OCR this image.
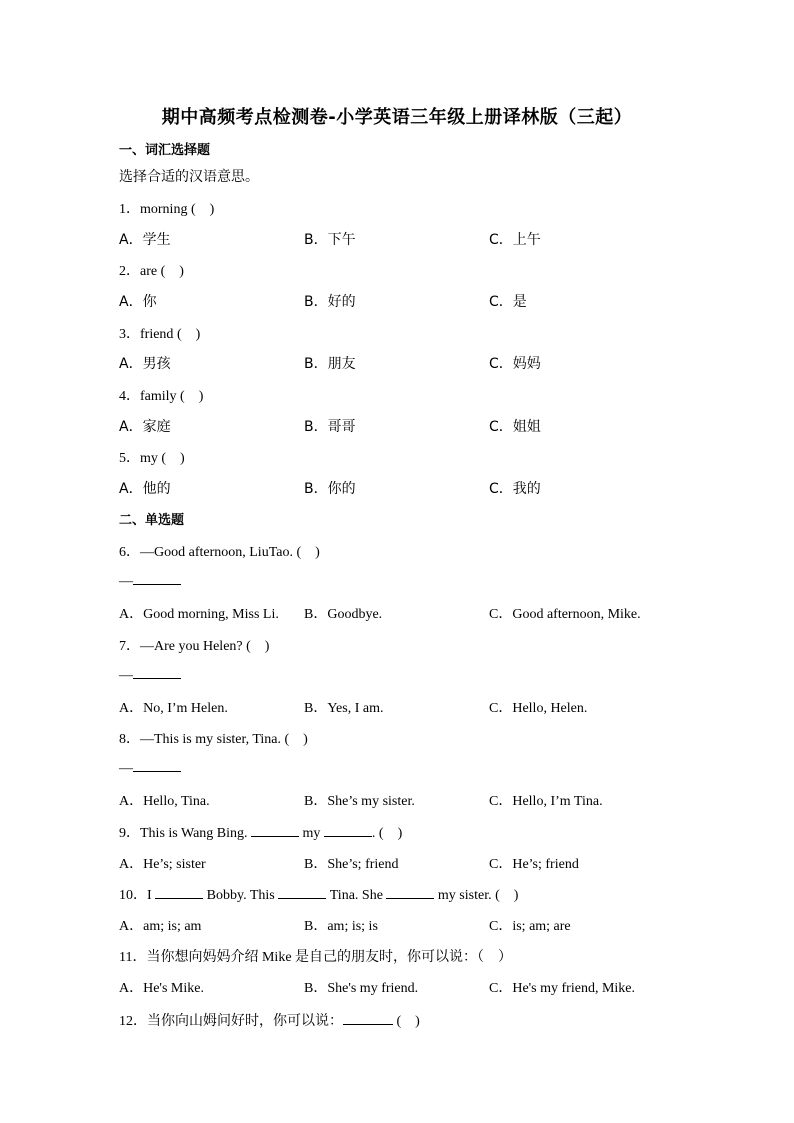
期中高频考点检测卷-小学英语三年级上册译林版（三起）
一、词汇选择题
选择合适的汉语意思。
1．morning (　)
A．学生	B．下午	C．上午
2．are (　)
A．你	B．好的	C．是
3．friend (　)
A．男孩	B．朋友	C．妈妈
4．family (　)
A．家庭	B．哥哥	C．姐姐
5．my (　)
A．他的	B．你的	C．我的
二、单选题
6．—Good afternoon, LiuTao. (　)
—
A．Good morning, Miss Li. B．Goodbye.	C．Good afternoon, Mike.
7．—Are you Helen? (　)
—
A．No, I’m Helen.	B．Yes, I am.	C．Hello, Helen.
8．—This is my sister, Tina. (　)
—
A．Hello, Tina.	B．She’s my sister.	C．Hello, I’m Tina.
9．This is Wang Bing.	my	. (　)
A．He’s; sister	B．She’s; friend	C．He’s; friend
10．I	Bobby. This	Tina. She	my sister. (　)
A．am; is; am	B．am; is; is	C．is; am; are
11．当你想向妈妈介绍 Mike 是自己的朋友时，你可以说：（　）
A．He's Mike.	B．She's my friend.	C．He's my friend, Mike.
12．当你向山姆问好时，你可以说：	(　)
